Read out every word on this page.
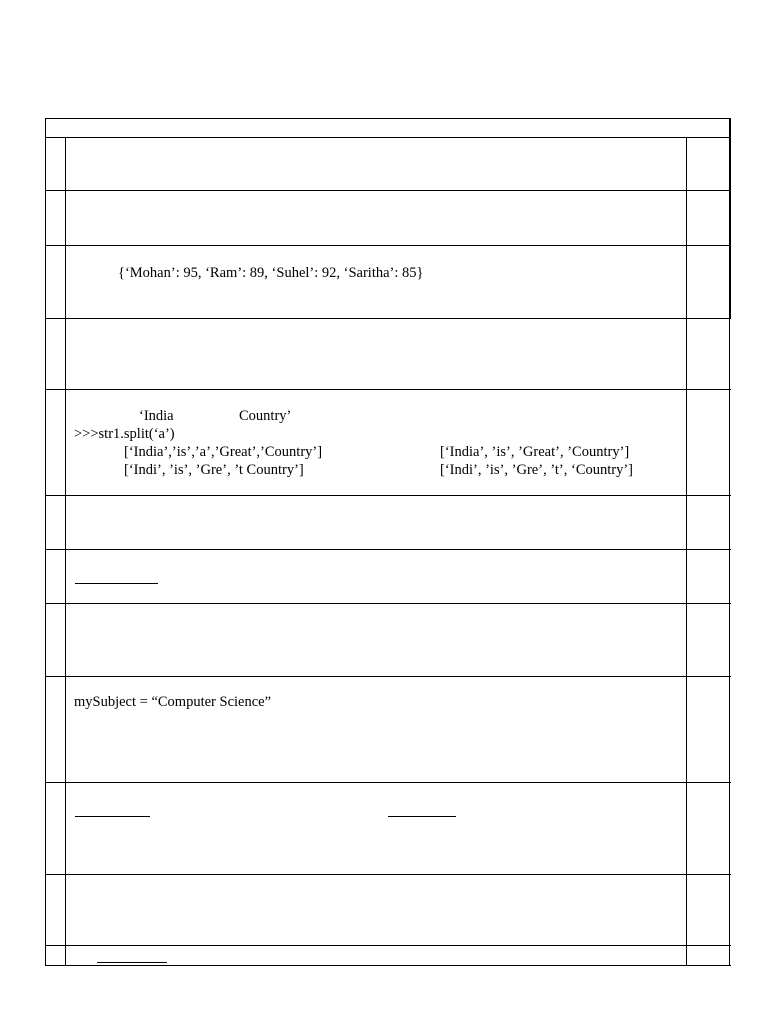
{‘Mohan’: 95, ‘Ram’: 89, ‘Suhel’: 92, ‘Saritha’: 85}
‘India	Country’
>>>str1.split(‘a’)
[‘India’,’is’,’a’,’Great’,’Country’]	[‘India’, ’is’, ’Great’, ’Country’]
[‘Indi’, ’is’, ’Gre’, ’t Country’]	[‘Indi’, ’is’, ’Gre’, ’t’, ‘Country’]
mySubject = “Computer Science”
